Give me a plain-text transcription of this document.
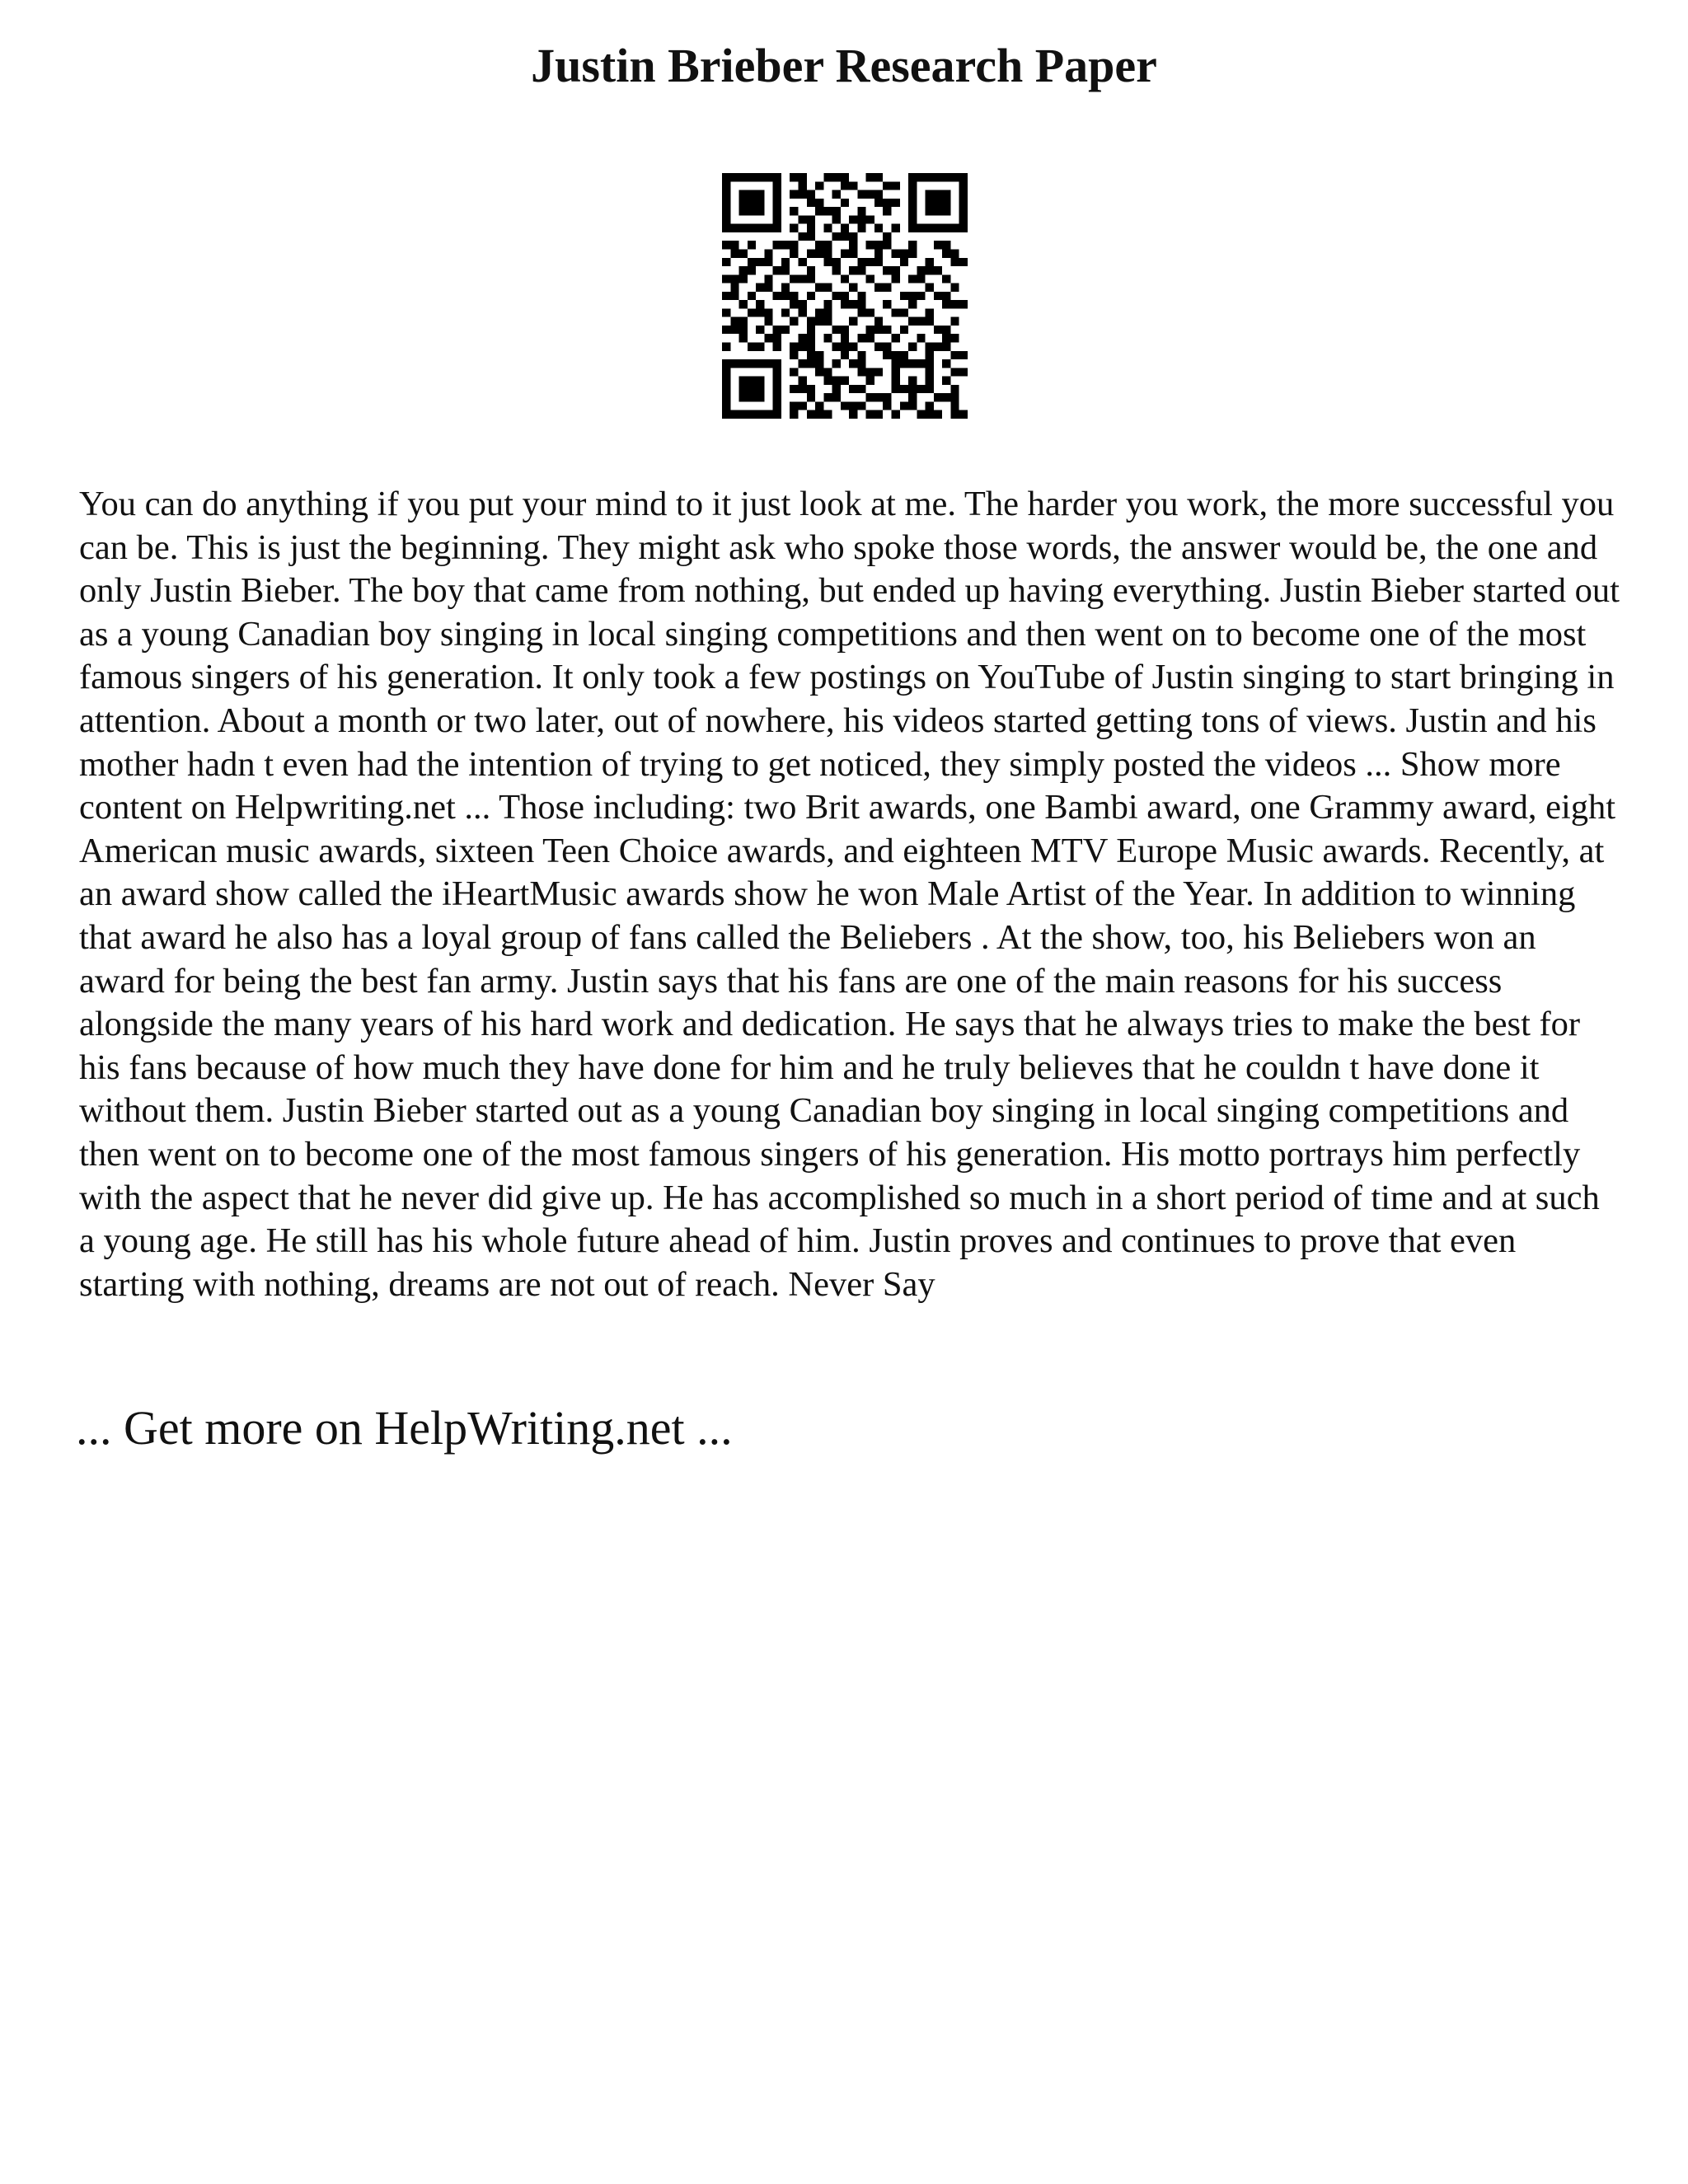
Justin Brieber Research Paper

You can do anything if you put your mind to it just look at me. The harder you work, the more successful you can be. This is just the beginning. They might ask who spoke those words, the answer would be, the one and only Justin Bieber. The boy that came from nothing, but ended up having everything. Justin Bieber started out as a young Canadian boy singing in local singing competitions and then went on to become one of the most famous singers of his generation. It only took a few postings on YouTube of Justin singing to start bringing in attention. About a month or two later, out of nowhere, his videos started getting tons of views. Justin and his mother hadn t even had the intention of trying to get noticed, they simply posted the videos ... Show more content on Helpwriting.net ... Those including: two Brit awards, one Bambi award, one Grammy award, eight American music awards, sixteen Teen Choice awards, and eighteen MTV Europe Music awards. Recently, at an award show called the iHeartMusic awards show he won Male Artist of the Year. In addition to winning that award he also has a loyal group of fans called the Beliebers . At the show, too, his Beliebers won an award for being the best fan army. Justin says that his fans are one of the main reasons for his success alongside the many years of his hard work and dedication. He says that he always tries to make the best for his fans because of how much they have done for him and he truly believes that he couldn t have done it without them. Justin Bieber started out as a young Canadian boy singing in local singing competitions and then went on to become one of the most famous singers of his generation. His motto portrays him perfectly with the aspect that he never did give up. He has accomplished so much in a short period of time and at such a young age. He still has his whole future ahead of him. Justin proves and continues to prove that even starting with nothing, dreams are not out of reach. Never Say

... Get more on HelpWriting.net ...
